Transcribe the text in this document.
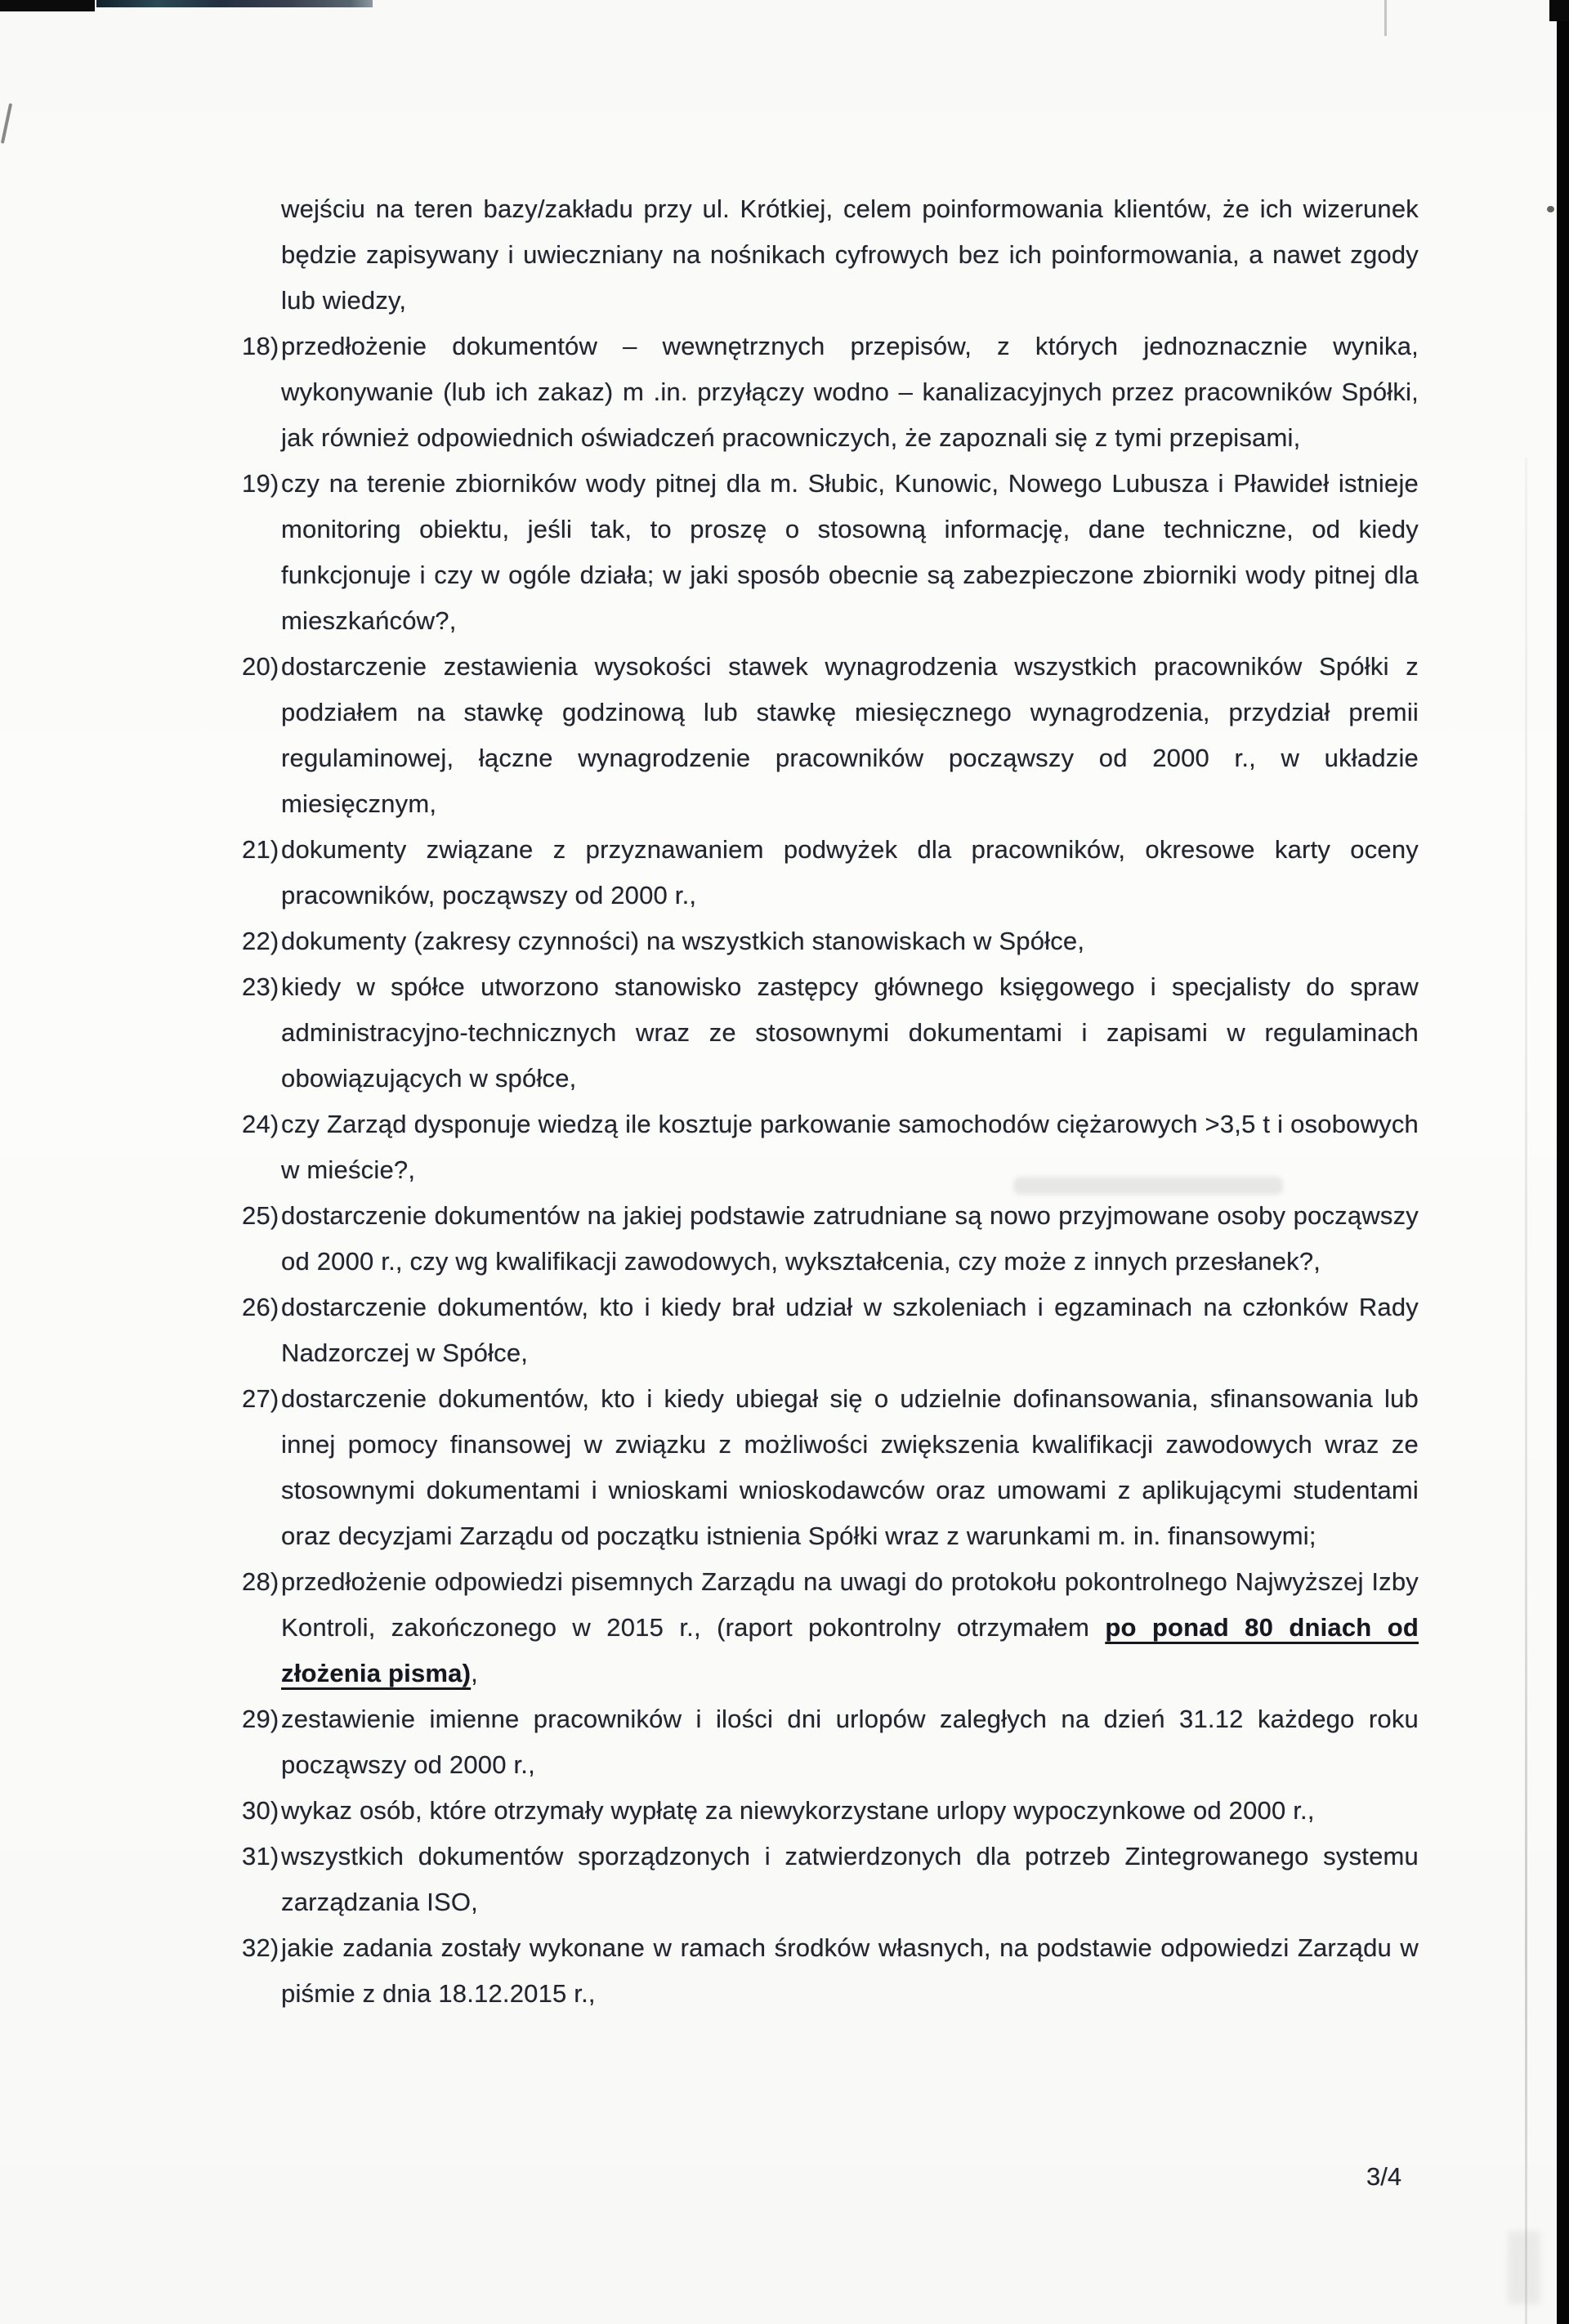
wejściu na teren bazy/zakładu przy ul. Krótkiej, celem poinformowania klientów, że ich wizerunek będzie zapisywany i uwieczniany na nośnikach cyfrowych bez ich poinformowania, a nawet zgody lub wiedzy,

18) przedłożenie dokumentów – wewnętrznych przepisów, z których jednoznacznie wynika, wykonywanie (lub ich zakaz) m .in. przyłączy wodno – kanalizacyjnych przez pracowników Spółki, jak również odpowiednich oświadczeń pracowniczych, że zapoznali się z tymi przepisami,

19) czy na terenie zbiorników wody pitnej dla m. Słubic, Kunowic, Nowego Lubusza i Pławideł istnieje monitoring obiektu, jeśli tak, to proszę o stosowną informację, dane techniczne, od kiedy funkcjonuje i czy w ogóle działa; w jaki sposób obecnie są zabezpieczone zbiorniki wody pitnej dla mieszkańców?,

20) dostarczenie zestawienia wysokości stawek wynagrodzenia wszystkich pracowników Spółki z podziałem na stawkę godzinową lub stawkę miesięcznego wynagrodzenia, przydział premii regulaminowej, łączne wynagrodzenie pracowników począwszy od 2000 r., w układzie miesięcznym,

21) dokumenty związane z przyznawaniem podwyżek dla pracowników, okresowe karty oceny pracowników, począwszy od 2000 r.,

22) dokumenty (zakresy czynności) na wszystkich stanowiskach w Spółce,

23) kiedy w spółce utworzono stanowisko zastępcy głównego księgowego i specjalisty do spraw administracyjno-technicznych wraz ze stosownymi dokumentami i zapisami w regulaminach obowiązujących w spółce,

24) czy Zarząd dysponuje wiedzą ile kosztuje parkowanie samochodów ciężarowych >3,5 t i osobowych w mieście?,

25) dostarczenie dokumentów na jakiej podstawie zatrudniane są nowo przyjmowane osoby począwszy od 2000 r., czy wg kwalifikacji zawodowych, wykształcenia, czy może z innych przesłanek?,

26) dostarczenie dokumentów, kto i kiedy brał udział w szkoleniach i egzaminach na członków Rady Nadzorczej w Spółce,

27) dostarczenie dokumentów, kto i kiedy ubiegał się o udzielnie dofinansowania, sfinansowania lub innej pomocy finansowej w związku z możliwości zwiększenia kwalifikacji zawodowych wraz ze stosownymi dokumentami i wnioskami wnioskodawców oraz umowami z aplikującymi studentami oraz decyzjami Zarządu od początku istnienia Spółki wraz z warunkami m. in. finansowymi;

28) przedłożenie odpowiedzi pisemnych Zarządu na uwagi do protokołu pokontrolnego Najwyższej Izby Kontroli, zakończonego w 2015 r., (raport pokontrolny otrzymałem po ponad 80 dniach od złożenia pisma),

29) zestawienie imienne pracowników i ilości dni urlopów zaległych na dzień 31.12 każdego roku począwszy od 2000 r.,

30) wykaz osób, które otrzymały wypłatę za niewykorzystane urlopy wypoczynkowe od 2000 r.,

31) wszystkich dokumentów sporządzonych i zatwierdzonych dla potrzeb Zintegrowanego systemu zarządzania ISO,

32) jakie zadania zostały wykonane w ramach środków własnych, na podstawie odpowiedzi Zarządu w piśmie z dnia 18.12.2015 r.,

3/4
